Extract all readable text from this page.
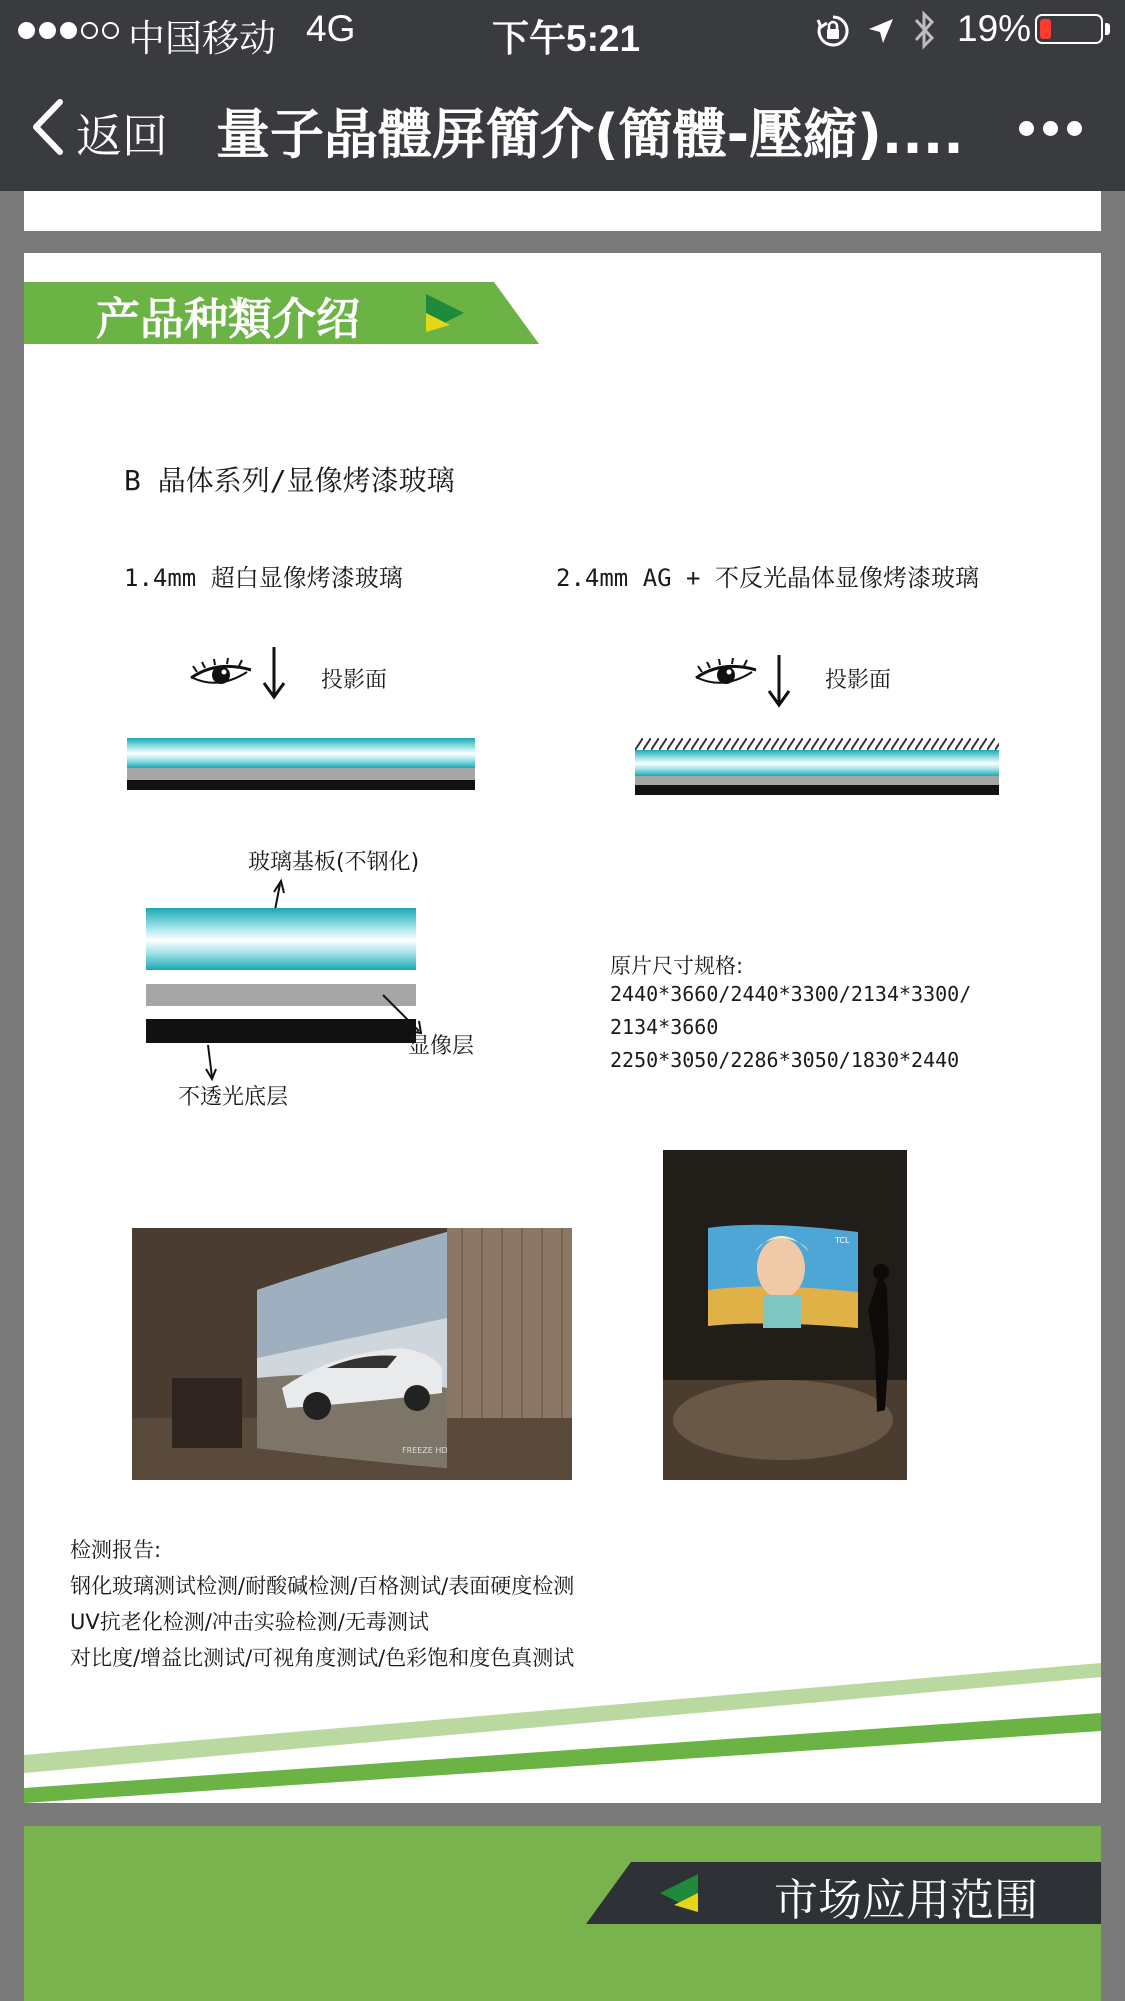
中国移动 4G	下午5:21	19%
返回 量子晶體屏簡介(簡體-壓縮)....
产品种類介绍
B 晶体系列/显像烤漆玻璃
1.4mm 超白显像烤漆玻璃	2.4mm AG + 不反光晶体显像烤漆玻璃
投影面	投影面
玻璃基板(不钢化)
显像层
不透光底层
原片尺寸规格:
2440*3660/2440*3300/2134*3300/
2134*3660
2250*3050/2286*3050/1830*2440
FREEZE HD
TCL
检测报告:
钢化玻璃测试检测/耐酸碱检测/百格测试/表面硬度检测
UV抗老化检测/冲击实验检测/无毒测试
对比度/增益比测试/可视角度测试/色彩饱和度色真测试
市场应用范围
